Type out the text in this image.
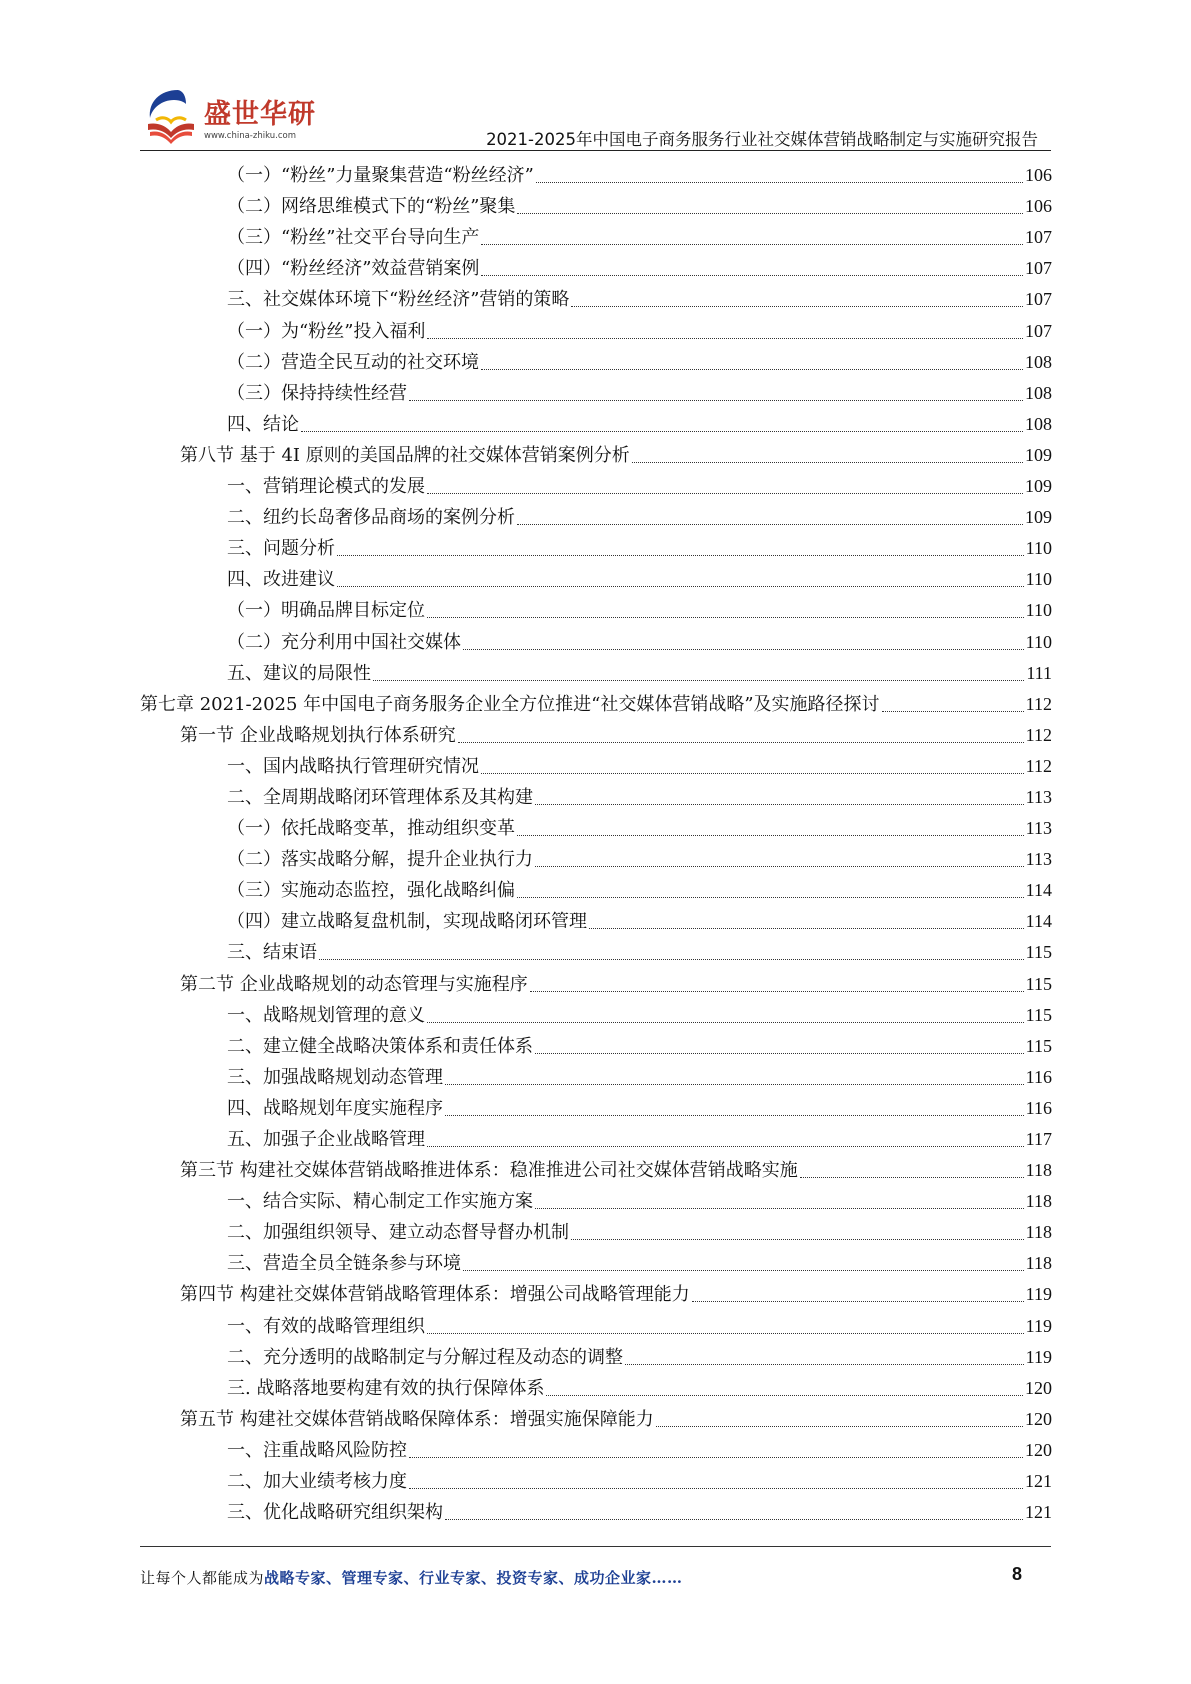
盛世华研
www.china-zhiku.com	2021-2025年中国电子商务服务行业社交媒体营销战略制定与实施研究报告
（一）“粉丝”力量聚集营造“粉丝经济”	106
（二）网络思维模式下的“粉丝”聚集	106
（三）“粉丝”社交平台导向生产	107
（四）“粉丝经济”效益营销案例	107
三、社交媒体环境下“粉丝经济”营销的策略	107
（一）为“粉丝”投入福利	107
（二）营造全民互动的社交环境	108
（三）保持持续性经营	108
四、结论	108
第八节 基于 4I 原则的美国品牌的社交媒体营销案例分析	109
一、营销理论模式的发展	109
二、纽约长岛奢侈品商场的案例分析	109
三、问题分析	110
四、改进建议	110
（一）明确品牌目标定位	110
（二）充分利用中国社交媒体	110
五、建议的局限性	111
第七章 2021-2025 年中国电子商务服务企业全方位推进“社交媒体营销战略”及实施路径探讨	112
第一节 企业战略规划执行体系研究	112
一、国内战略执行管理研究情况	112
二、全周期战略闭环管理体系及其构建	113
（一）依托战略变革，推动组织变革	113
（二）落实战略分解，提升企业执行力	113
（三）实施动态监控，强化战略纠偏	114
（四）建立战略复盘机制，实现战略闭环管理	114
三、结束语	115
第二节 企业战略规划的动态管理与实施程序	115
一、战略规划管理的意义	115
二、建立健全战略决策体系和责任体系	115
三、加强战略规划动态管理	116
四、战略规划年度实施程序	116
五、加强子企业战略管理	117
第三节 构建社交媒体营销战略推进体系：稳准推进公司社交媒体营销战略实施	118
一、结合实际、精心制定工作实施方案	118
二、加强组织领导、建立动态督导督办机制	118
三、营造全员全链条参与环境	118
第四节 构建社交媒体营销战略管理体系：增强公司战略管理能力	119
一、有效的战略管理组织	119
二、充分透明的战略制定与分解过程及动态的调整	119
三. 战略落地要构建有效的执行保障体系	120
第五节 构建社交媒体营销战略保障体系：增强实施保障能力	120
一、注重战略风险防控	120
二、加大业绩考核力度	121
三、优化战略研究组织架构	121
让每个人都能成为战略专家、管理专家、行业专家、投资专家、成功企业家……	8
